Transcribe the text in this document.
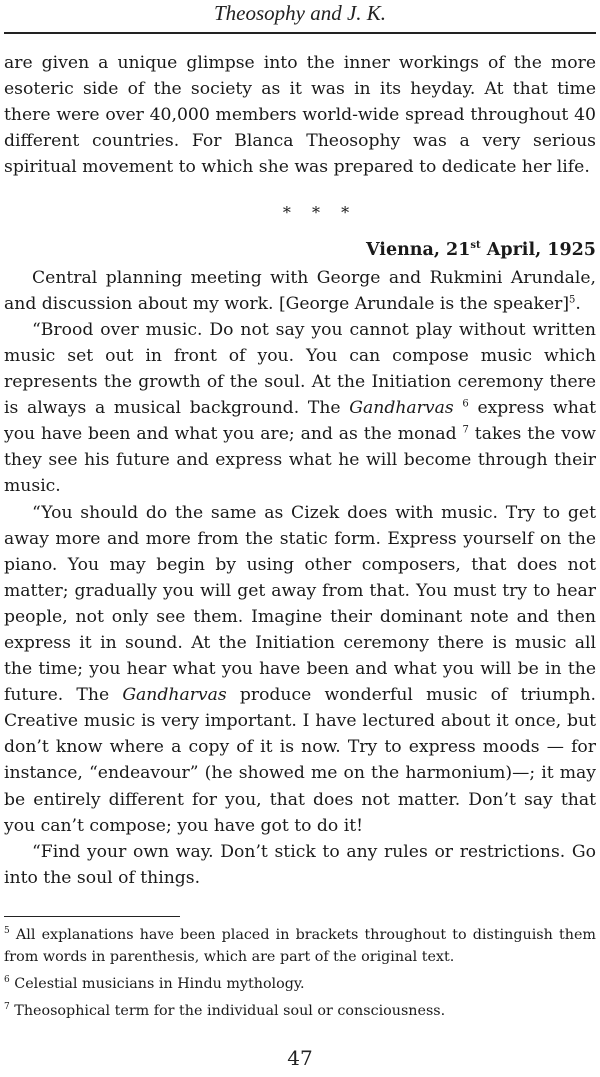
Theosophy and J. K.

are given a unique glimpse into the inner workings of the more esoteric side of the society as it was in its heyday. At that time there were over 40,000 members world-wide spread throughout 40 different countries. For Blanca Theosophy was a very serious spiritual movement to which she was prepared to dedicate her life.

* * *

Vienna, 21st April, 1925

Central planning meeting with George and Rukmini Arundale, and discussion about my work. [George Arundale is the speaker]$^5$.

“Brood over music. Do not say you cannot play without written music set out in front of you. You can compose music which represents the growth of the soul. At the Initiation ceremony there is always a musical background. The Gandharvas $^6$ express what you have been and what you are; and as the monad $^7$ takes the vow they see his future and express what he will become through their music.

“You should do the same as Cizek does with music. Try to get away more and more from the static form. Express yourself on the piano. You may begin by using other composers, that does not matter; gradually you will get away from that. You must try to hear people, not only see them. Imagine their dominant note and then express it in sound. At the Initiation ceremony there is music all the time; you hear what you have been and what you will be in the future. The Gandharvas produce wonderful music of triumph. Creative music is very important. I have lectured about it once, but don’t know where a copy of it is now. Try to express moods — for instance, “endeavour” (he showed me on the harmonium)—; it may be entirely different for you, that does not matter. Don’t say that you can’t compose; you have got to do it!

“Find your own way. Don’t stick to any rules or restrictions. Go into the soul of things.

$^5$ All explanations have been placed in brackets throughout to distinguish them from words in parenthesis, which are part of the original text.

$^6$ Celestial musicians in Hindu mythology.

$^7$ Theosophical term for the individual soul or consciousness.

47
